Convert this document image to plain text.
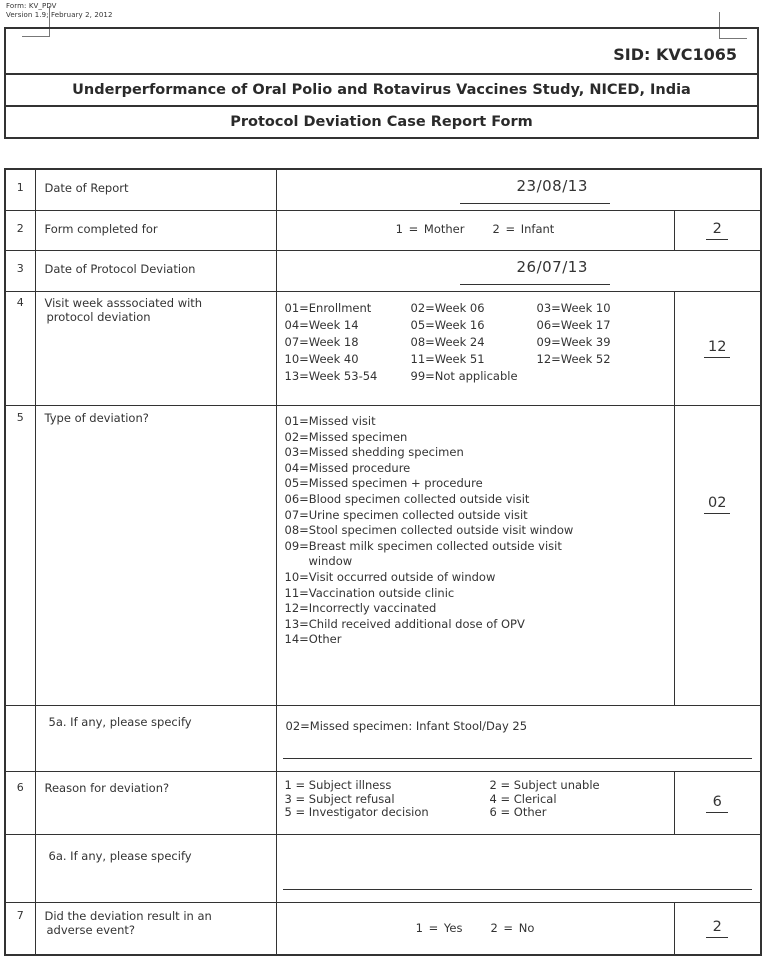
Form: KV_PDV
Version 1.9; February 2, 2012
SID: KVC1065
Underperformance of Oral Polio and Rotavirus Vaccines Study, NICED, India
Protocol Deviation Case Report Form
1	Date of Report	23/08/13	

2	Form completed for	1 = Mother 2 = Infant	2

3	Date of Protocol Deviation	26/07/13	

4	Visit week asssociated with
protocol deviation

01=Enrollment	02=Week 06	03=Week 10
04=Week 14	05=Week 16	06=Week 17
07=Week 18	08=Week 24	09=Week 39
10=Week 40	11=Week 51	12=Week 52
13=Week 53-54	99=Not applicable
	12

5	Type of deviation?	01=Missed visit
02=Missed specimen
03=Missed shedding specimen
04=Missed procedure
05=Missed specimen + procedure
06=Blood specimen collected outside visit
07=Urine specimen collected outside visit
08=Stool specimen collected outside visit window
09=Breast milk specimen collected outside visit
window
10=Visit occurred outside of window
11=Vaccination outside clinic
12=Incorrectly vaccinated
13=Child received additional dose of OPV
14=Other
	02

	5a. If any, please specify	02=Missed specimen: Infant Stool/Day 25	

6	Reason for deviation?	1 = Subject illness	2 = Subject unable
3 = Subject refusal	4 = Clerical
5 = Investigator decision	6 = Other
	6

	6a. If any, please specify		

7	Did the deviation result in an
adverse event?	1 = Yes 2 = No	2
